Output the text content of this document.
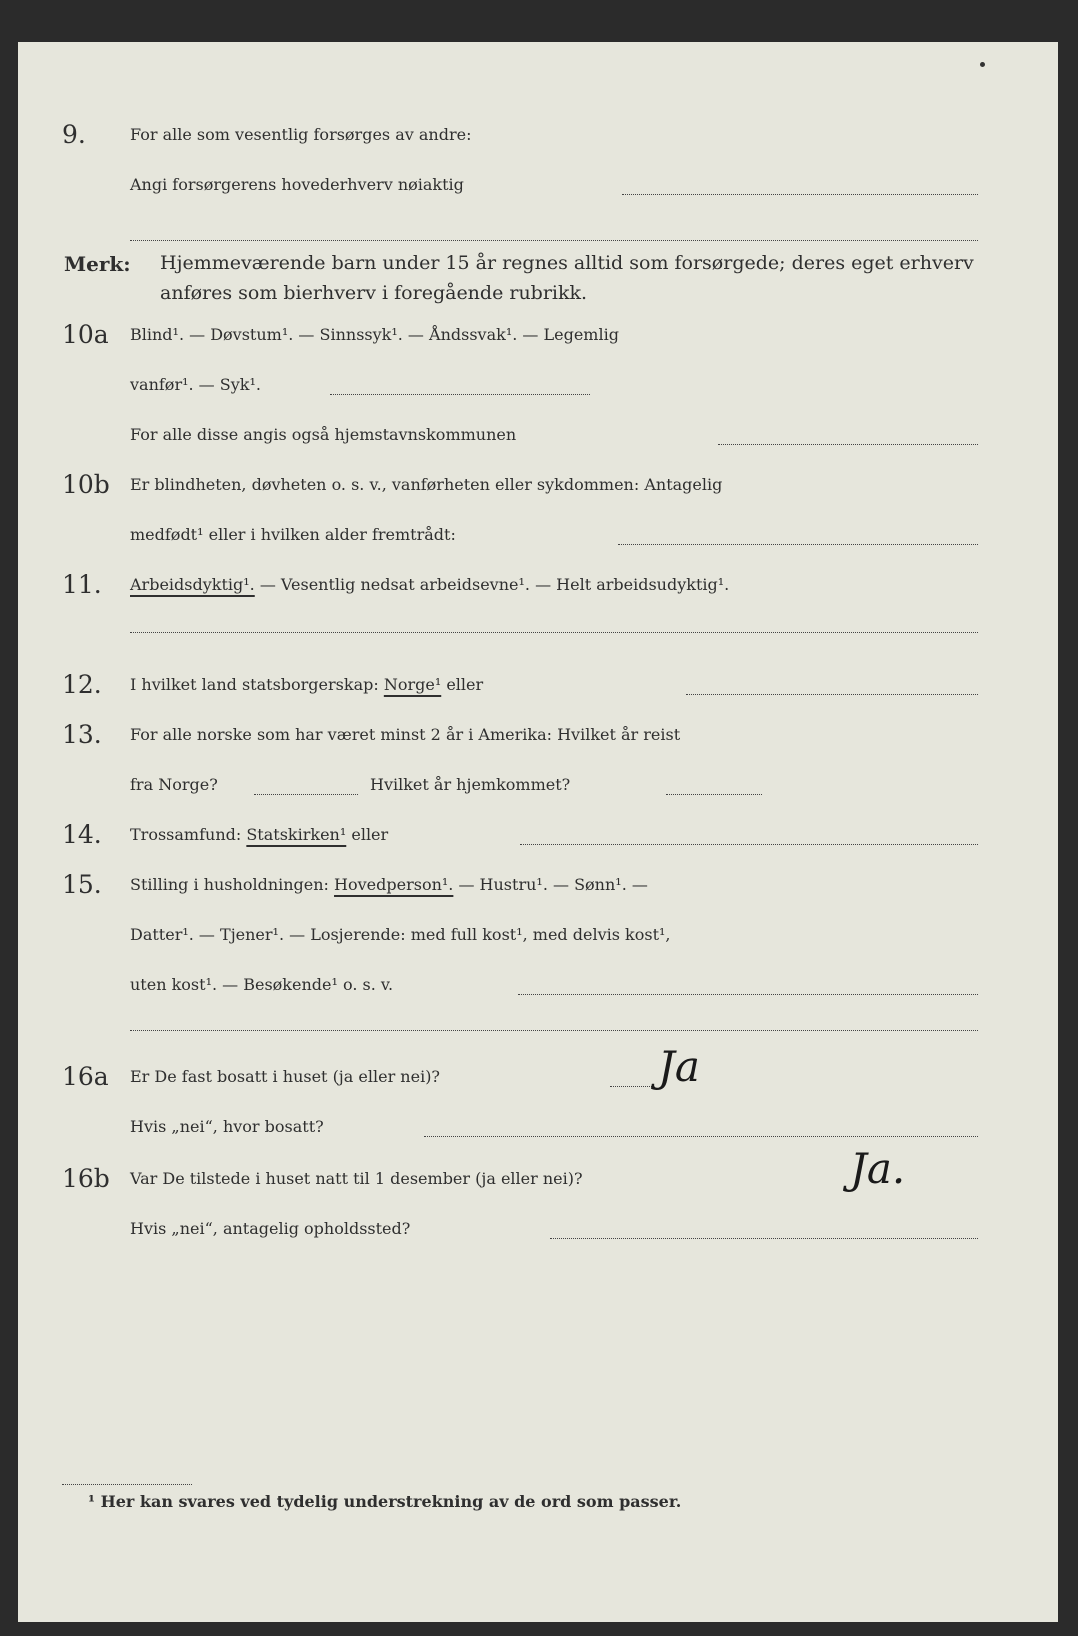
9.	For alle som vesentlig forsørges av andre:
Angi forsørgerens hovederhverv nøiaktig
Merk: Hjemmeværende barn under 15 år regnes alltid som forsørgede; deres eget erhverv
anføres som bierhverv i foregående rubrikk.
10a	Blind¹. — Døvstum¹. — Sinnssyk¹. — Åndssvak¹. — Legemlig
vanfør¹. — Syk¹.
For alle disse angis også hjemstavnskommunen
10b	Er blindheten, døvheten o. s. v., vanførheten eller sykdommen: Antagelig
medfødt¹ eller i hvilken alder fremtrådt:
11.	Arbeidsdyktig¹. — Vesentlig nedsat arbeidsevne¹. — Helt arbeidsudyktig¹.
12.	I hvilket land statsborgerskap: Norge¹ eller
13.	For alle norske som har været minst 2 år i Amerika: Hvilket år reist
fra Norge?	Hvilket år hjemkommet?
14.	Trossamfund: Statskirken¹ eller
15.	Stilling i husholdningen: Hovedperson¹. — Hustru¹. — Sønn¹. —
Datter¹. — Tjener¹. — Losjerende: med full kost¹, med delvis kost¹,
uten kost¹. — Besøkende¹ o. s. v.
16a	Er De fast bosatt i huset (ja eller nei)?	Ja
Hvis „nei“, hvor bosatt?
16b	Var De tilstede i huset natt til 1 desember (ja eller nei)?	Ja.
Hvis „nei“, antagelig opholdssted?
¹ Her kan svares ved tydelig understrekning av de ord som passer.
